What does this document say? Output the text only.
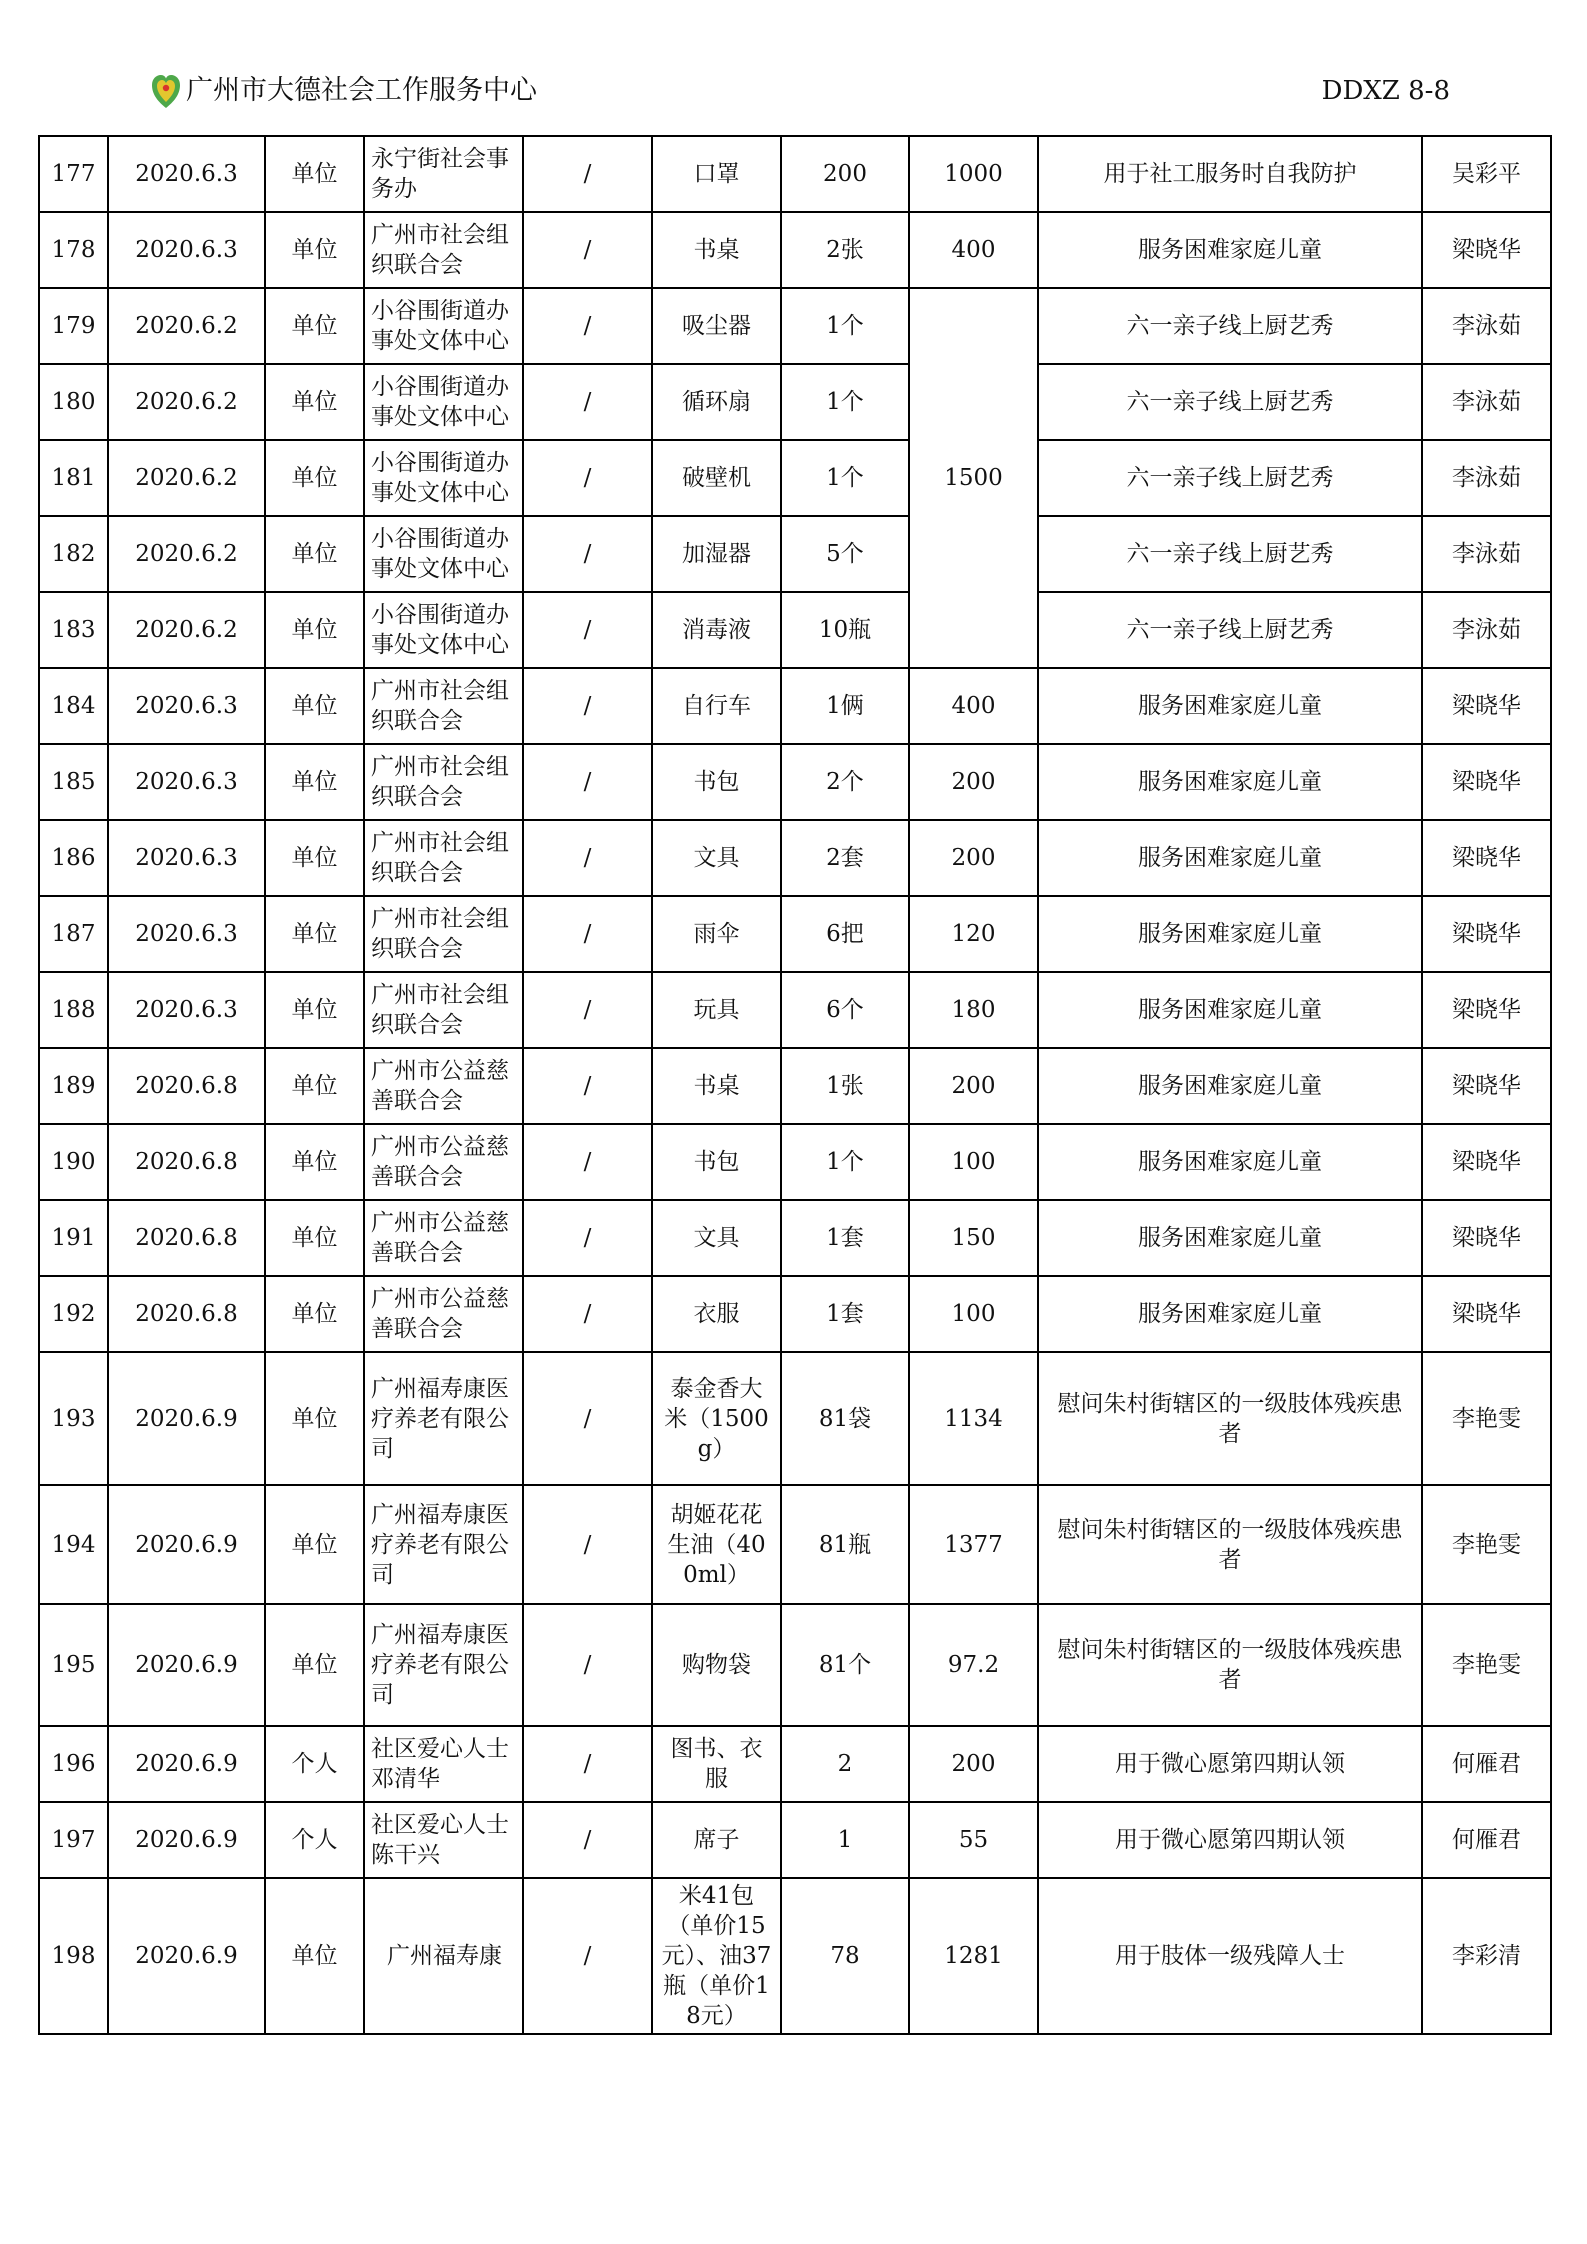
广州市大德社会工作服务中心	DDXZ 8-8
177	2020.6.3	单位	永宁街社会事务办	/	口罩	200	1000	用于社工服务时自我防护	吴彩平
178	2020.6.3	单位	广州市社会组织联合会	/	书桌	2张	400	服务困难家庭儿童	梁晓华
179	2020.6.2	单位	小谷围街道办事处文体中心	/	吸尘器	1个	1500	六一亲子线上厨艺秀	李泳茹
180	2020.6.2	单位	小谷围街道办事处文体中心	/	循环扇	1个		六一亲子线上厨艺秀	李泳茹
181	2020.6.2	单位	小谷围街道办事处文体中心	/	破壁机	1个		六一亲子线上厨艺秀	李泳茹
182	2020.6.2	单位	小谷围街道办事处文体中心	/	加湿器	5个		六一亲子线上厨艺秀	李泳茹
183	2020.6.2	单位	小谷围街道办事处文体中心	/	消毒液	10瓶		六一亲子线上厨艺秀	李泳茹
184	2020.6.3	单位	广州市社会组织联合会	/	自行车	1俩	400	服务困难家庭儿童	梁晓华
185	2020.6.3	单位	广州市社会组织联合会	/	书包	2个	200	服务困难家庭儿童	梁晓华
186	2020.6.3	单位	广州市社会组织联合会	/	文具	2套	200	服务困难家庭儿童	梁晓华
187	2020.6.3	单位	广州市社会组织联合会	/	雨伞	6把	120	服务困难家庭儿童	梁晓华
188	2020.6.3	单位	广州市社会组织联合会	/	玩具	6个	180	服务困难家庭儿童	梁晓华
189	2020.6.8	单位	广州市公益慈善联合会	/	书桌	1张	200	服务困难家庭儿童	梁晓华
190	2020.6.8	单位	广州市公益慈善联合会	/	书包	1个	100	服务困难家庭儿童	梁晓华
191	2020.6.8	单位	广州市公益慈善联合会	/	文具	1套	150	服务困难家庭儿童	梁晓华
192	2020.6.8	单位	广州市公益慈善联合会	/	衣服	1套	100	服务困难家庭儿童	梁晓华
193	2020.6.9	单位	广州福寿康医疗养老有限公司	/	泰金香大米（1500g）	81袋	1134	慰问朱村街辖区的一级肢体残疾患者	李艳雯
194	2020.6.9	单位	广州福寿康医疗养老有限公司	/	胡姬花花生油（400ml）	81瓶	1377	慰问朱村街辖区的一级肢体残疾患者	李艳雯
195	2020.6.9	单位	广州福寿康医疗养老有限公司	/	购物袋	81个	97.2	慰问朱村街辖区的一级肢体残疾患者	李艳雯
196	2020.6.9	个人	社区爱心人士邓清华	/	图书、衣服	2	200	用于微心愿第四期认领	何雁君
197	2020.6.9	个人	社区爱心人士陈干兴	/	席子	1	55	用于微心愿第四期认领	何雁君
198	2020.6.9	单位	广州福寿康	/	米41包（单价15元）、油37瓶（单价18元）	78	1281	用于肢体一级残障人士	李彩清
